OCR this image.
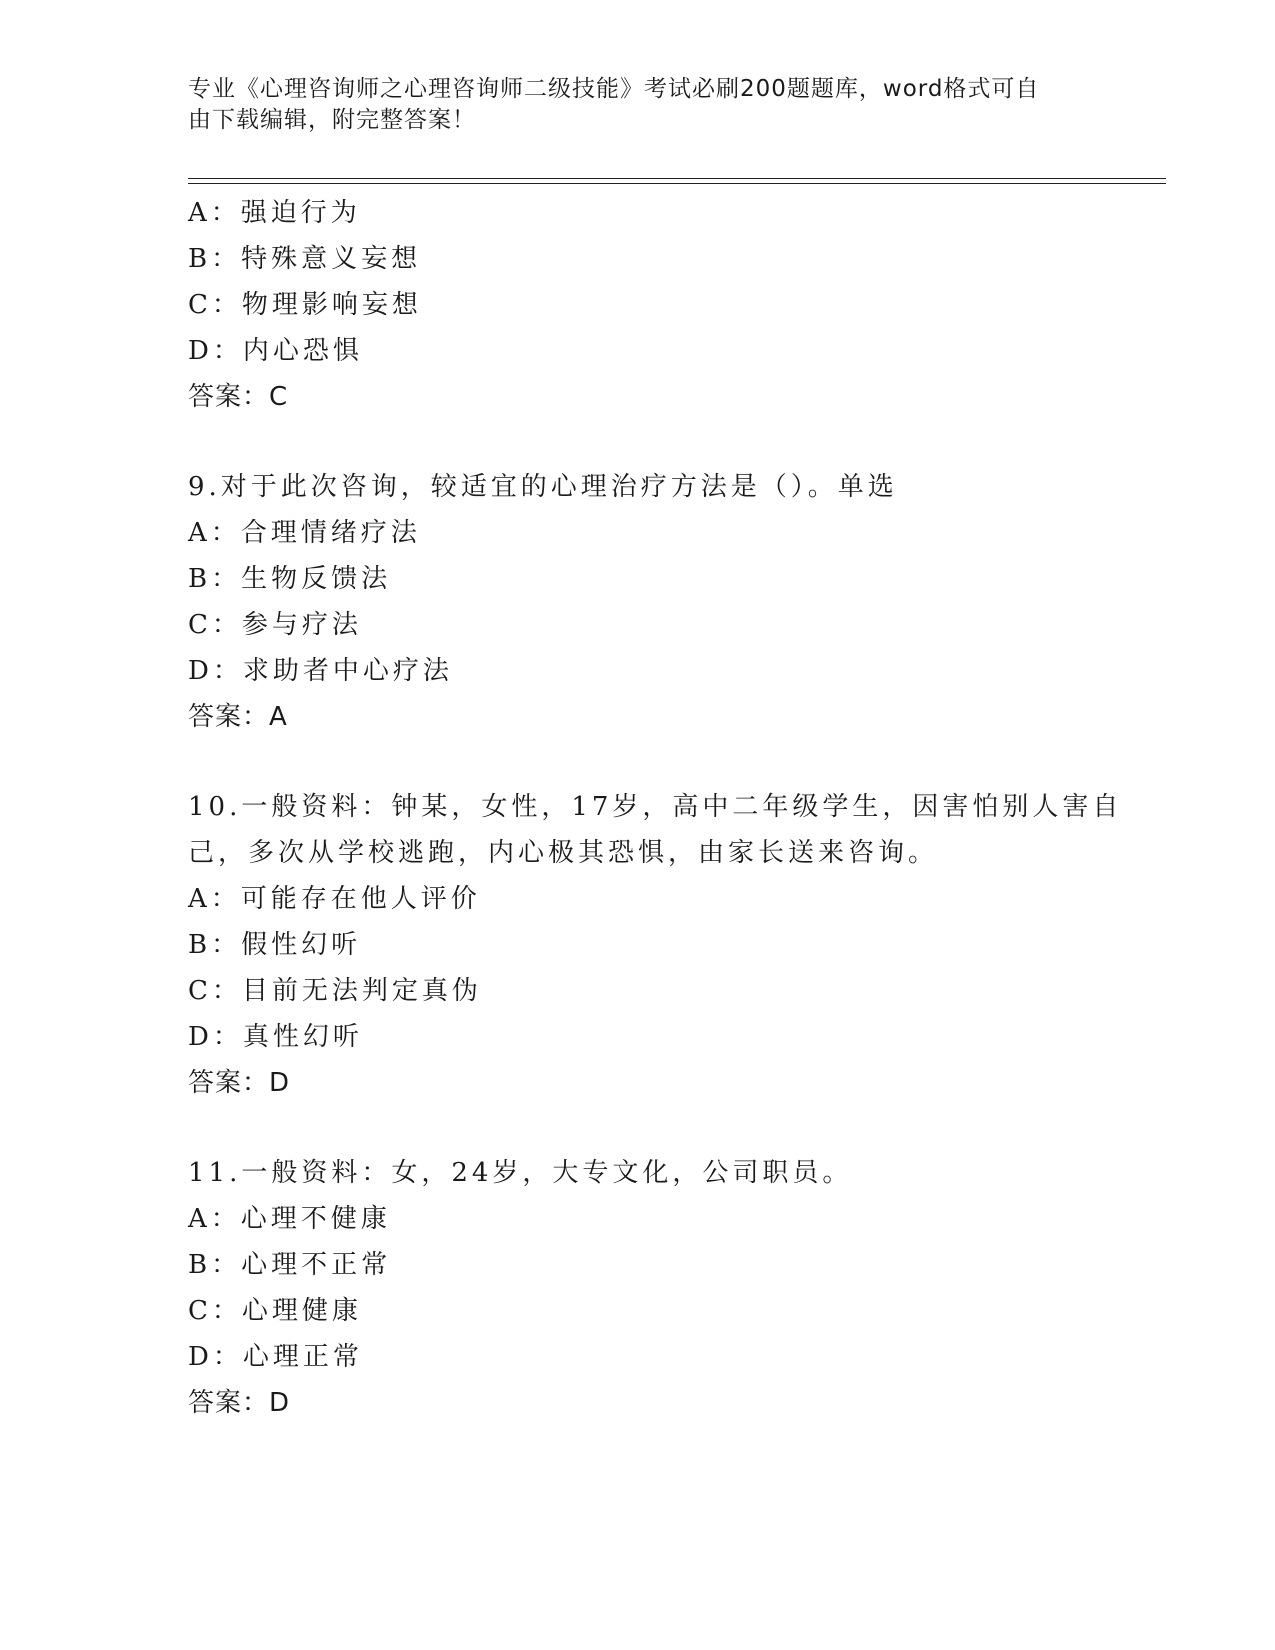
专业《心理咨询师之心理咨询师二级技能》考试必刷200题题库，word格式可自
由下载编辑，附完整答案！
A：强迫行为
B：特殊意义妄想
C：物理影响妄想
D：内心恐惧
答案：C
9.对于此次咨询，较适宜的心理治疗方法是（）。单选
A：合理情绪疗法
B：生物反馈法
C：参与疗法
D：求助者中心疗法
答案：A
10.一般资料：钟某，女性，17岁，高中二年级学生，因害怕别人害自
己，多次从学校逃跑，内心极其恐惧，由家长送来咨询。
A：可能存在他人评价
B：假性幻听
C：目前无法判定真伪
D：真性幻听
答案：D
11.一般资料：女，24岁，大专文化，公司职员。
A：心理不健康
B：心理不正常
C：心理健康
D：心理正常
答案：D
